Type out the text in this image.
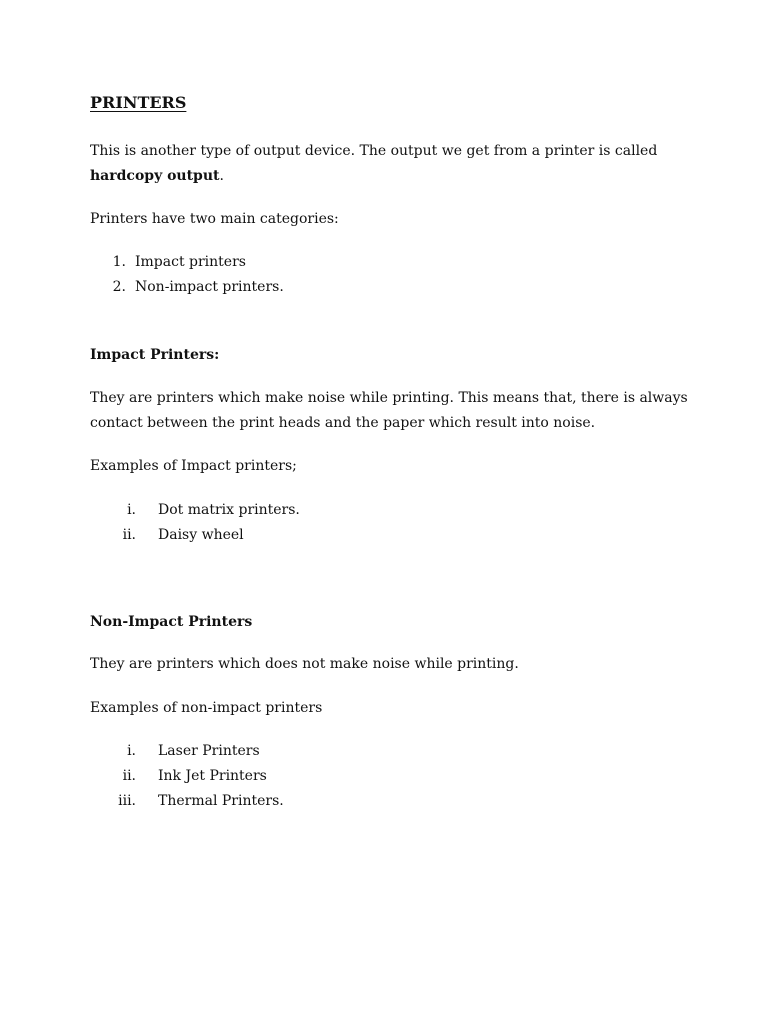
PRINTERS
This is another type of output device. The output we get from a printer is called
hardcopy output.
Printers have two main categories:
1. Impact printers
2. Non-impact printers.
Impact Printers:
They are printers which make noise while printing. This means that, there is always
contact between the print heads and the paper which result into noise.
Examples of Impact printers;
i. Dot matrix printers.
ii. Daisy wheel
Non-Impact Printers
They are printers which does not make noise while printing.
Examples of non-impact printers
i. Laser Printers
ii. Ink Jet Printers
iii. Thermal Printers.
